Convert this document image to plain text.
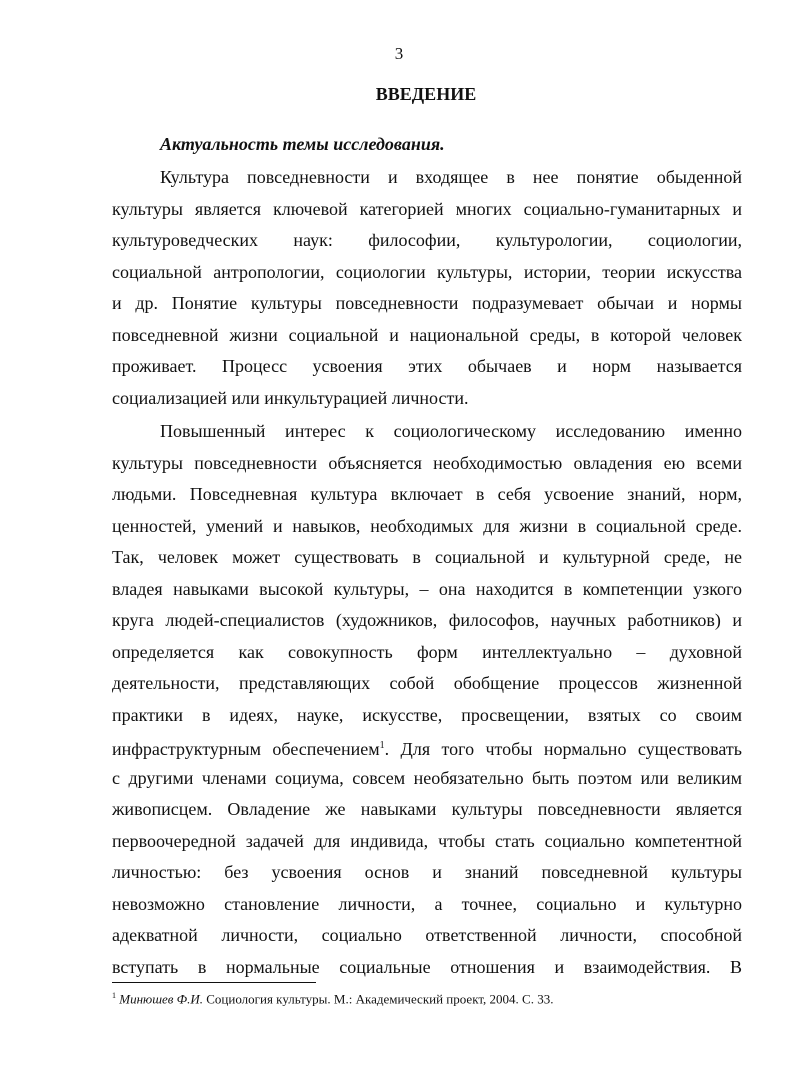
3
ВВЕДЕНИЕ
Актуальность темы исследования.
Культура повседневности и входящее в нее понятие обыденной
культуры является ключевой категорией многих социально-гуманитарных и
культуроведческих наук: философии, культурологии, социологии,
социальной антропологии, социологии культуры, истории, теории искусства
и др. Понятие культуры повседневности подразумевает обычаи и нормы
повседневной жизни социальной и национальной среды, в которой человек
проживает. Процесс усвоения этих обычаев и норм называется
социализацией или инкультурацией личности.
Повышенный интерес к социологическому исследованию именно
культуры повседневности объясняется необходимостью овладения ею всеми
людьми. Повседневная культура включает в себя усвоение знаний, норм,
ценностей, умений и навыков, необходимых для жизни в социальной среде.
Так, человек может существовать в социальной и культурной среде, не
владея навыками высокой культуры, – она находится в компетенции узкого
круга людей-специалистов (художников, философов, научных работников) и
определяется как совокупность форм интеллектуально – духовной
деятельности, представляющих собой обобщение процессов жизненной
практики в идеях, науке, искусстве, просвещении, взятых со своим
инфраструктурным обеспечением$^1$. Для того чтобы нормально существовать
с другими членами социума, совсем необязательно быть поэтом или великим
живописцем. Овладение же навыками культуры повседневности является
первоочередной задачей для индивида, чтобы стать социально компетентной
личностью: без усвоения основ и знаний повседневной культуры
невозможно становление личности, а точнее, социально и культурно
адекватной личности, социально ответственной личности, способной
вступать в нормальные социальные отношения и взаимодействия. В
$^1$ Минюшев Ф.И. Социология культуры. М.: Академический проект, 2004. С. 33.
